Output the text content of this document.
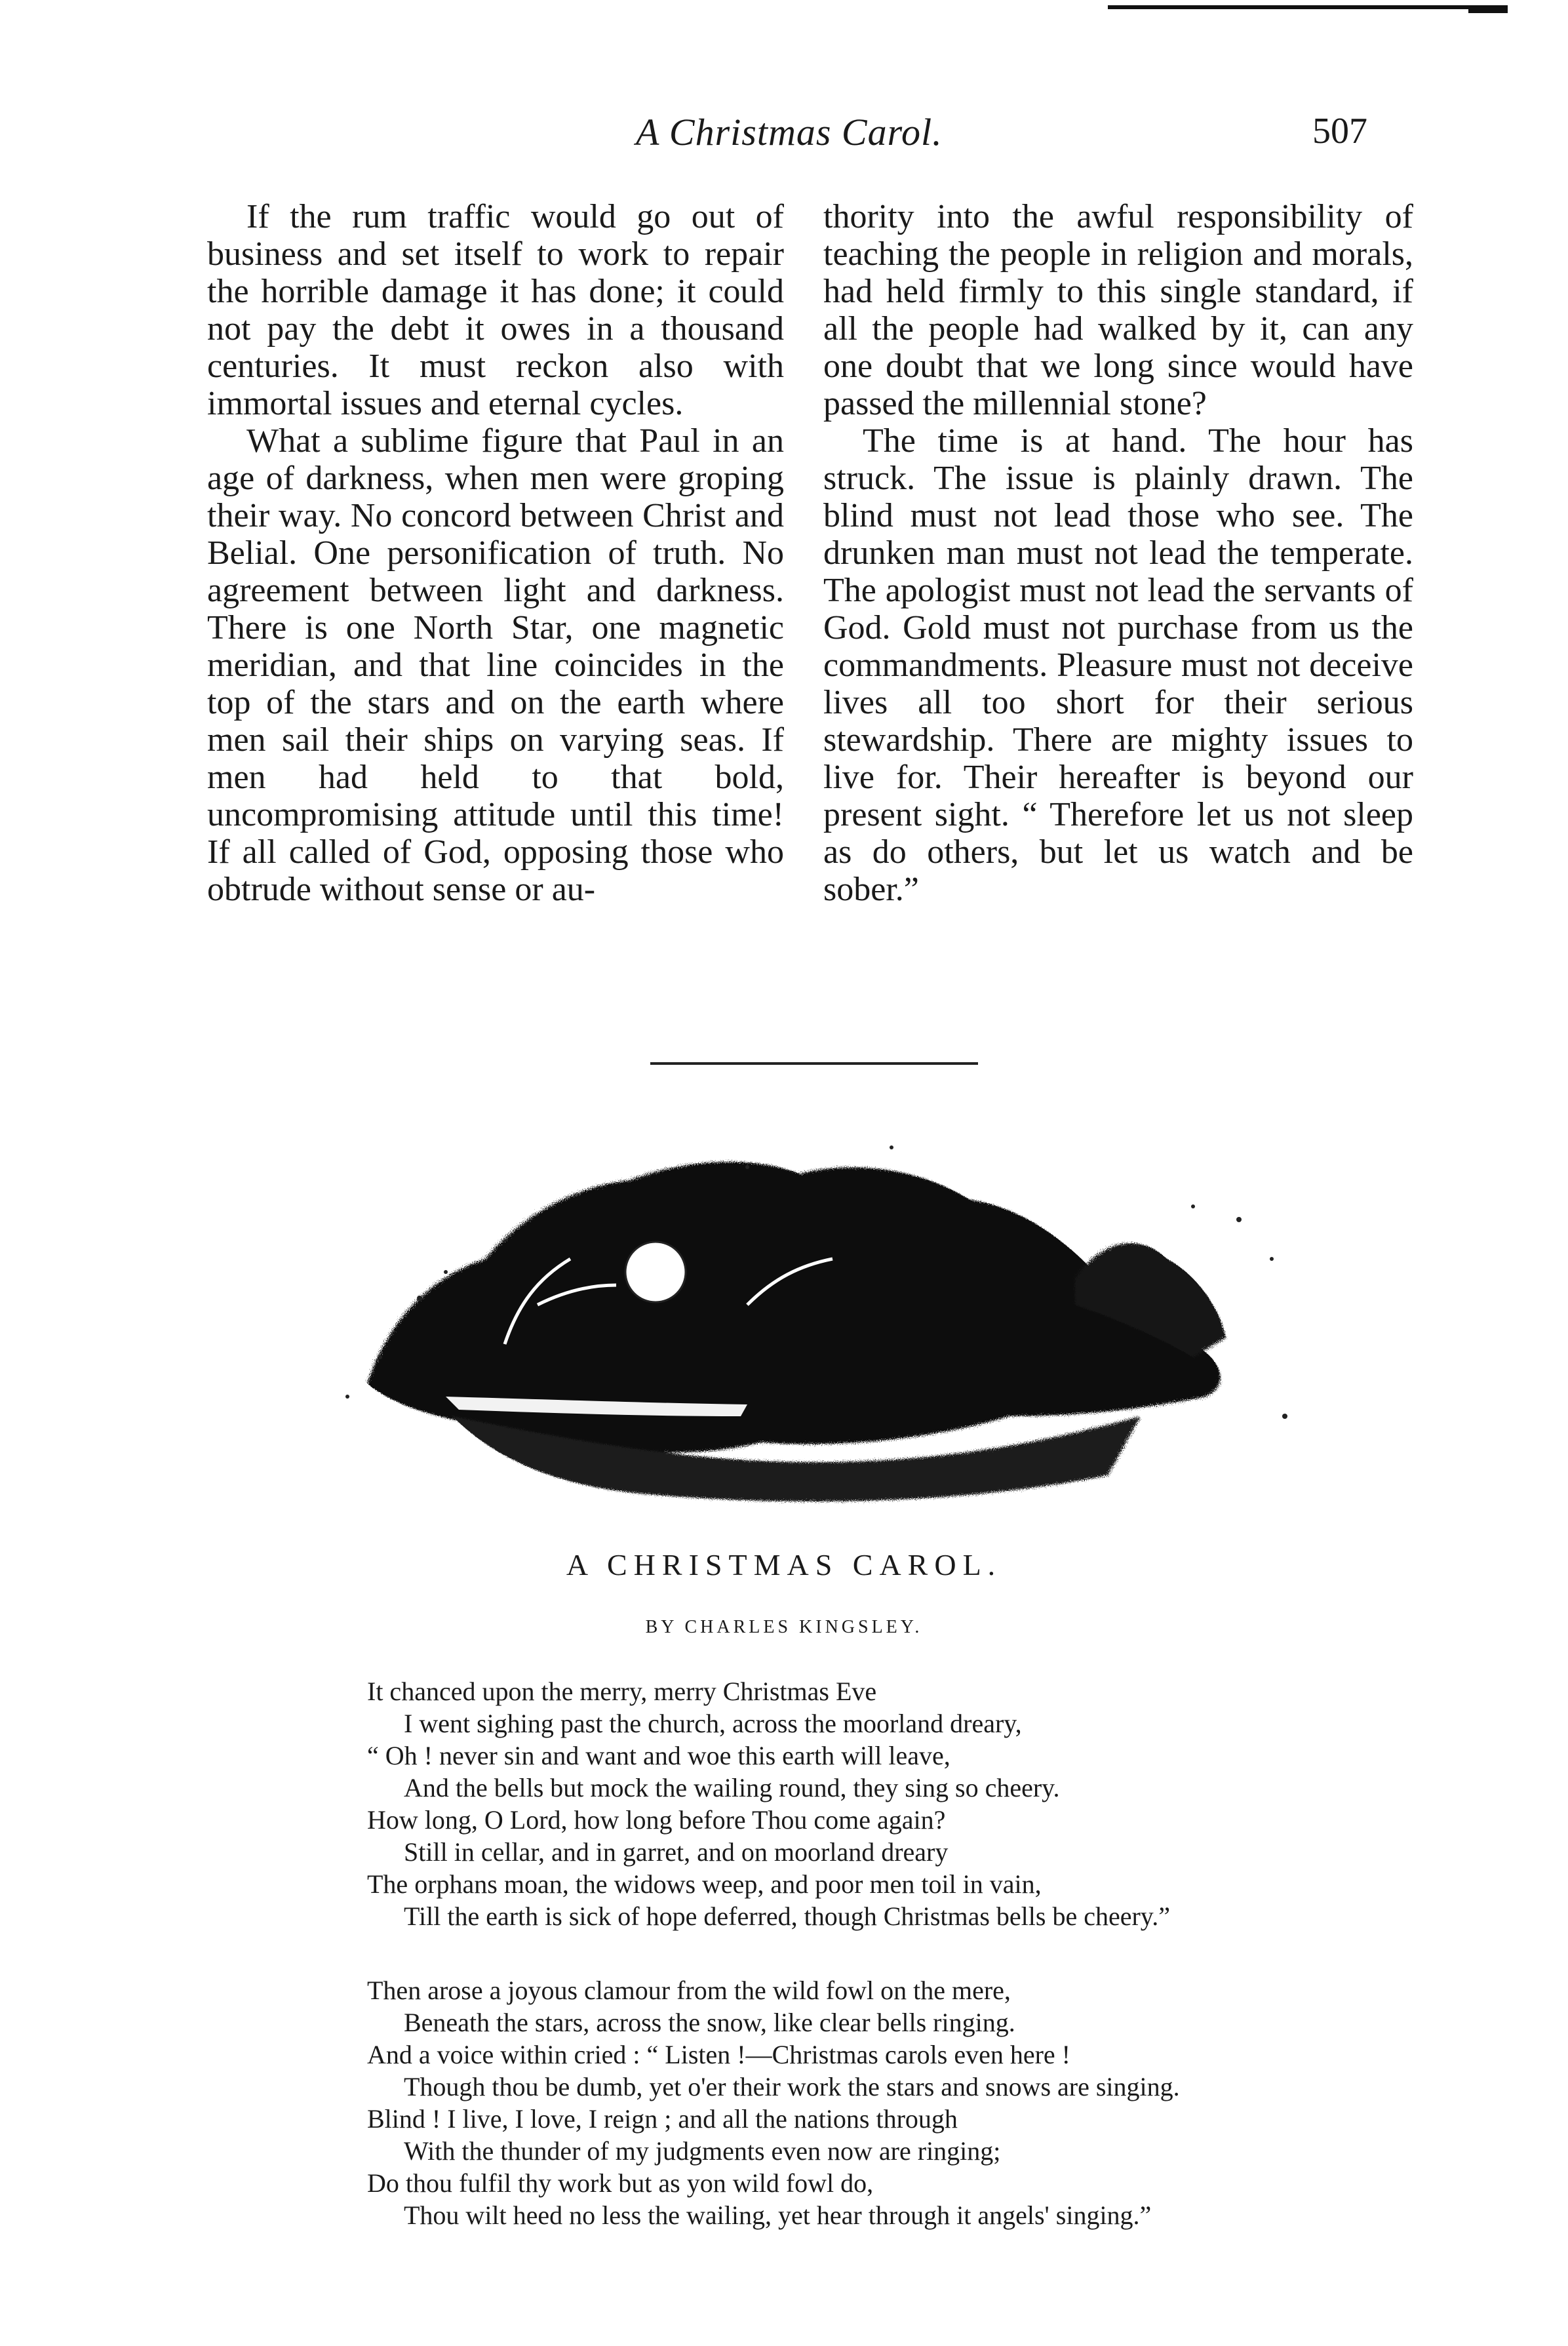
A Christmas Carol.	507

If the rum traffic would go out of business and set itself to work to repair the horrible damage it has done; it could not pay the debt it owes in a thousand centuries. It must reckon also with immortal issues and eternal cycles.

What a sublime figure that Paul in an age of darkness, when men were groping their way. No concord between Christ and Belial. One personification of truth. No agreement between light and darkness. There is one North Star, one magnetic meridian, and that line coincides in the top of the stars and on the earth where men sail their ships on varying seas. If men had held to that bold, uncompromising attitude until this time! If all called of God, opposing those who obtrude without sense or au-

thority into the awful responsibility of teaching the people in religion and morals, had held firmly to this single standard, if all the people had walked by it, can any one doubt that we long since would have passed the millennial stone?

The time is at hand. The hour has struck. The issue is plainly drawn. The blind must not lead those who see. The drunken man must not lead the temperate. The apologist must not lead the servants of God. Gold must not purchase from us the commandments. Pleasure must not deceive lives all too short for their serious stewardship. There are mighty issues to live for. Their hereafter is beyond our present sight. “ Therefore let us not sleep as do others, but let us watch and be sober.”

A CHRISTMAS CAROL.
BY CHARLES KINGSLEY.
It chanced upon the merry, merry Christmas Eve
I went sighing past the church, across the moorland dreary,
“ Oh ! never sin and want and woe this earth will leave,
And the bells but mock the wailing round, they sing so cheery.
How long, O Lord, how long before Thou come again?
Still in cellar, and in garret, and on moorland dreary
The orphans moan, the widows weep, and poor men toil in vain,
Till the earth is sick of hope deferred, though Christmas bells be cheery.”
Then arose a joyous clamour from the wild fowl on the mere,
Beneath the stars, across the snow, like clear bells ringing.
And a voice within cried : “ Listen !—Christmas carols even here !
Though thou be dumb, yet o'er their work the stars and snows are singing.
Blind ! I live, I love, I reign ; and all the nations through
With the thunder of my judgments even now are ringing;
Do thou fulfil thy work but as yon wild fowl do,
Thou wilt heed no less the wailing, yet hear through it angels' singing.”
